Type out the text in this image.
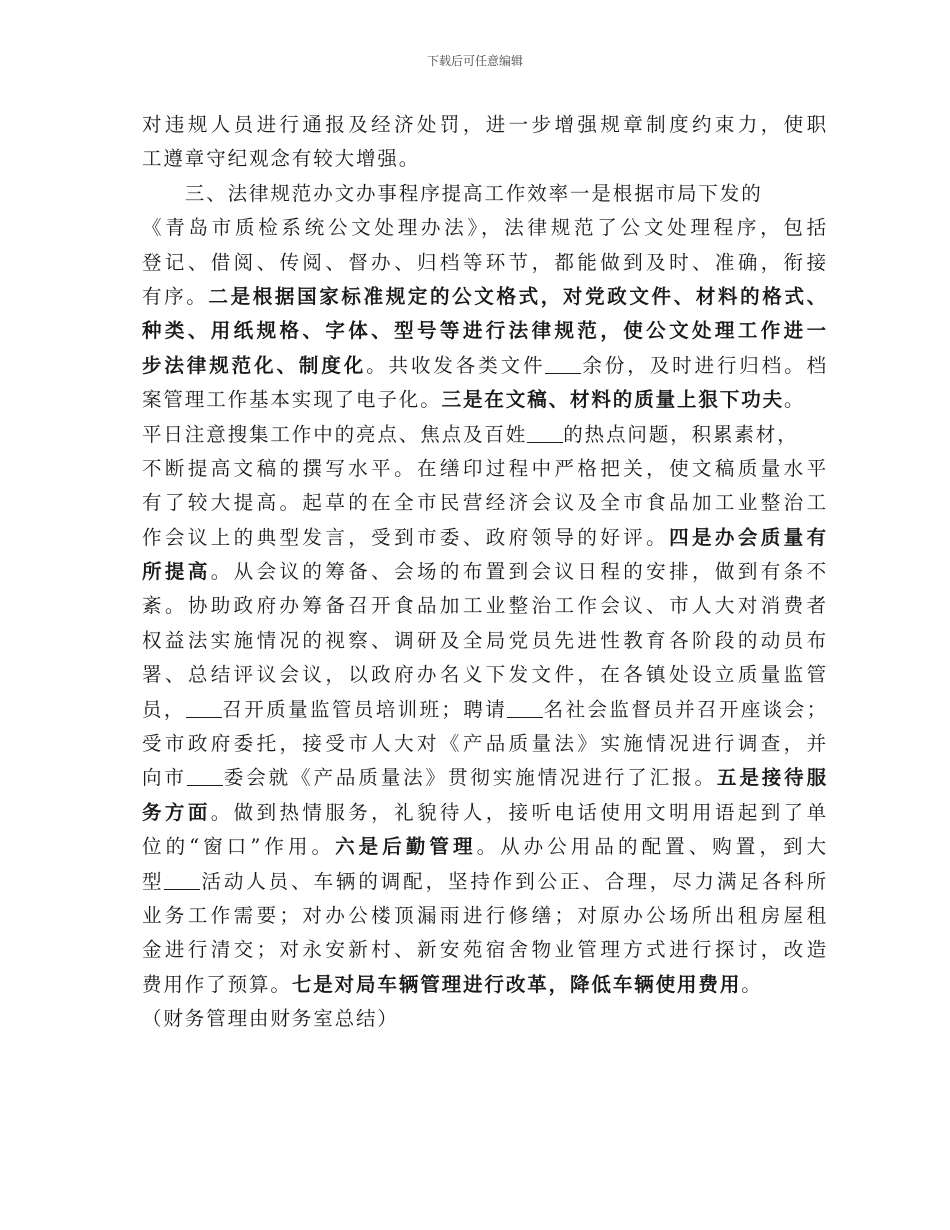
下载后可任意编辑
对违规人员进行通报及经济处罚，进一步增强规章制度约束力，使职
工遵章守纪观念有较大增强。
　　三、法律规范办文办事程序提高工作效率一是根据市局下发的
《青岛市质检系统公文处理办法》，法律规范了公文处理程序，包括
登记、借阅、传阅、督办、归档等环节，都能做到及时、准确，衔接
有序。二是根据国家标准规定的公文格式，对党政文件、材料的格式、
种类、用纸规格、字体、型号等进行法律规范，使公文处理工作进一
步法律规范化、制度化。共收发各类文件 余份，及时进行归档。档
案管理工作基本实现了电子化。三是在文稿、材料的质量上狠下功夫。
平日注意搜集工作中的亮点、焦点及百姓 的热点问题，积累素材，
不断提高文稿的撰写水平。在缮印过程中严格把关，使文稿质量水平
有了较大提高。起草的在全市民营经济会议及全市食品加工业整治工
作会议上的典型发言，受到市委、政府领导的好评。四是办会质量有
所提高。从会议的筹备、会场的布置到会议日程的安排，做到有条不
紊。协助政府办筹备召开食品加工业整治工作会议、市人大对消费者
权益法实施情况的视察、调研及全局党员先进性教育各阶段的动员布
署、总结评议会议，以政府办名义下发文件，在各镇处设立质量监管
员， 召开质量监管员培训班；聘请 名社会监督员并召开座谈会；
受市政府委托，接受市人大对《产品质量法》实施情况进行调查，并
向市 委会就《产品质量法》贯彻实施情况进行了汇报。五是接待服
务方面。做到热情服务，礼貌待人，接听电话使用文明用语起到了单
位的“窗口”作用。六是后勤管理。从办公用品的配置、购置，到大
型 活动人员、车辆的调配，坚持作到公正、合理，尽力满足各科所
业务工作需要；对办公楼顶漏雨进行修缮；对原办公场所出租房屋租
金进行清交；对永安新村、新安苑宿舍物业管理方式进行探讨，改造
费用作了预算。七是对局车辆管理进行改革，降低车辆使用费用。
（财务管理由财务室总结）
